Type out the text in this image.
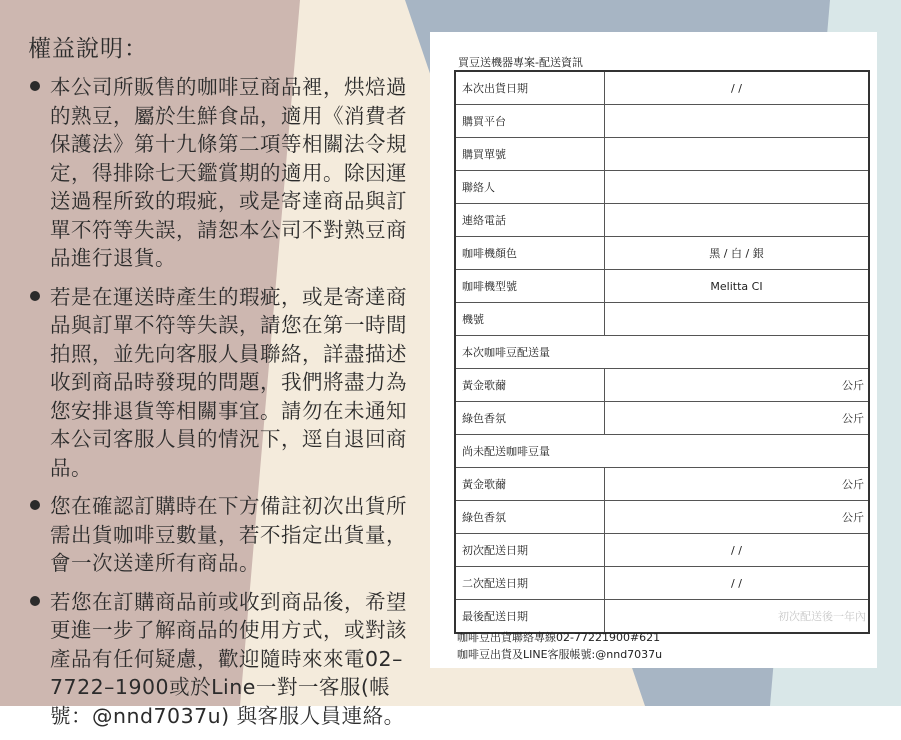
權益說明：
本公司所販售的咖啡豆商品裡，烘焙過的熟豆，屬於生鮮食品，適用《消費者保護法》第十九條第二項等相關法令規定，得排除七天鑑賞期的適用。除因運送過程所致的瑕疵，或是寄達商品與訂單不符等失誤，請恕本公司不對熟豆商品進行退貨。
若是在運送時產生的瑕疵，或是寄達商品與訂單不符等失誤，請您在第一時間拍照，並先向客服人員聯絡，詳盡描述收到商品時發現的問題，我們將盡力為您安排退貨等相關事宜。請勿在未通知本公司客服人員的情況下，逕自退回商品。
您在確認訂購時在下方備註初次出貨所需出貨咖啡豆數量，若不指定出貨量，會一次送達所有商品。
若您在訂購商品前或收到商品後，希望更進一步了解商品的使用方式，或對該產品有任何疑慮，歡迎隨時來來電02–7722–1900或於Line一對一客服(帳號：@nnd7037u) 與客服人員連絡。
買豆送機器專案-配送資訊
本次出貨日期	/ /
購買平台	
購買單號	
聯絡人	
連絡電話	
咖啡機顏色	黑 / 白 / 銀
咖啡機型號	Melitta CI
機號	
本次咖啡豆配送量	
黃金歌薾	公斤
綠色香氛	公斤
尚未配送咖啡豆量	
黃金歌薾	公斤
綠色香氛	公斤
初次配送日期	/ /
二次配送日期	/ /
最後配送日期	初次配送後一年內
咖啡豆出貨聯絡專線02-77221900#621
咖啡豆出貨及LINE客服帳號:@nnd7037u
